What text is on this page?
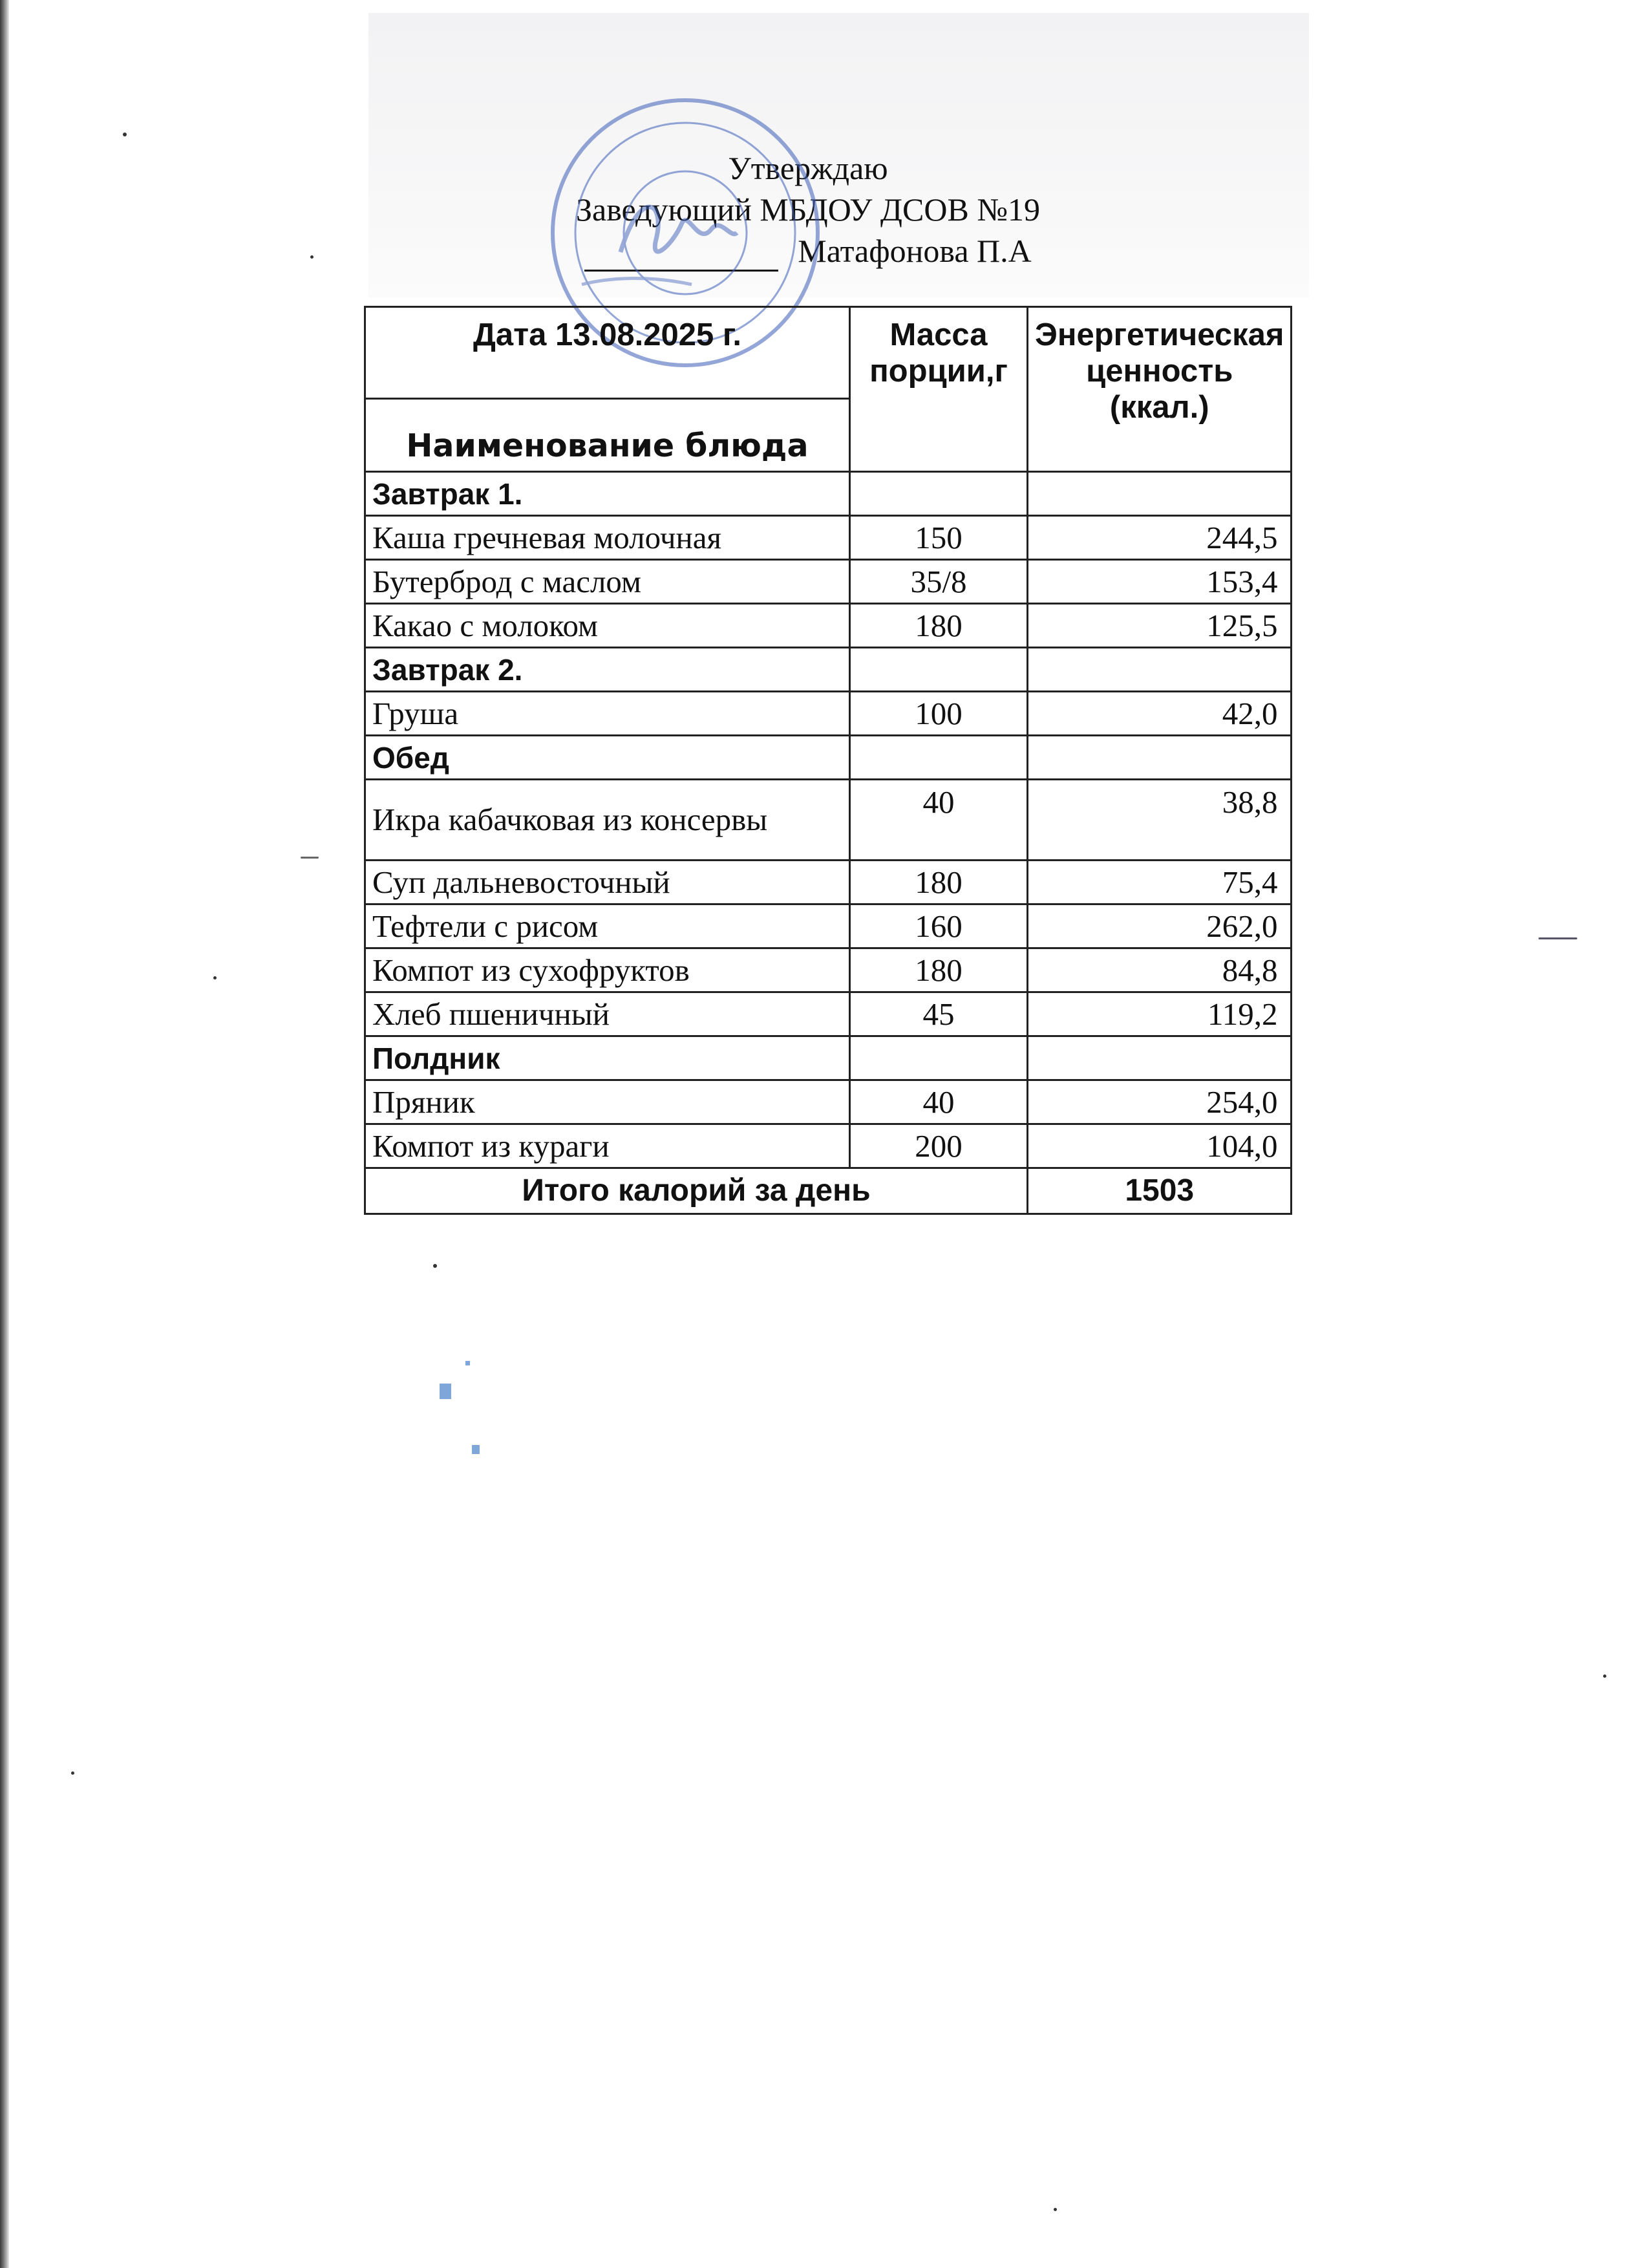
Утверждаю
Заведующий МБДОУ ДСОВ №19
Матафонова П.А
Дата 13.08.2025 г.	Масса порции,г	Энергетическая ценность (ккал.)
Наименование блюда		
Завтрак 1.		
Каша гречневая молочная	150	244,5
Бутерброд с маслом	35/8	153,4
Какао с молоком	180	125,5
Завтрак 2.		
Груша	100	42,0
Обед		
Икра кабачковая из консервы	40	38,8
Суп дальневосточный	180	75,4
Тефтели с рисом	160	262,0
Компот из сухофруктов	180	84,8
Хлеб пшеничный	45	119,2
Полдник		
Пряник	40	254,0
Компот из кураги	200	104,0
Итого калорий за день		1503
